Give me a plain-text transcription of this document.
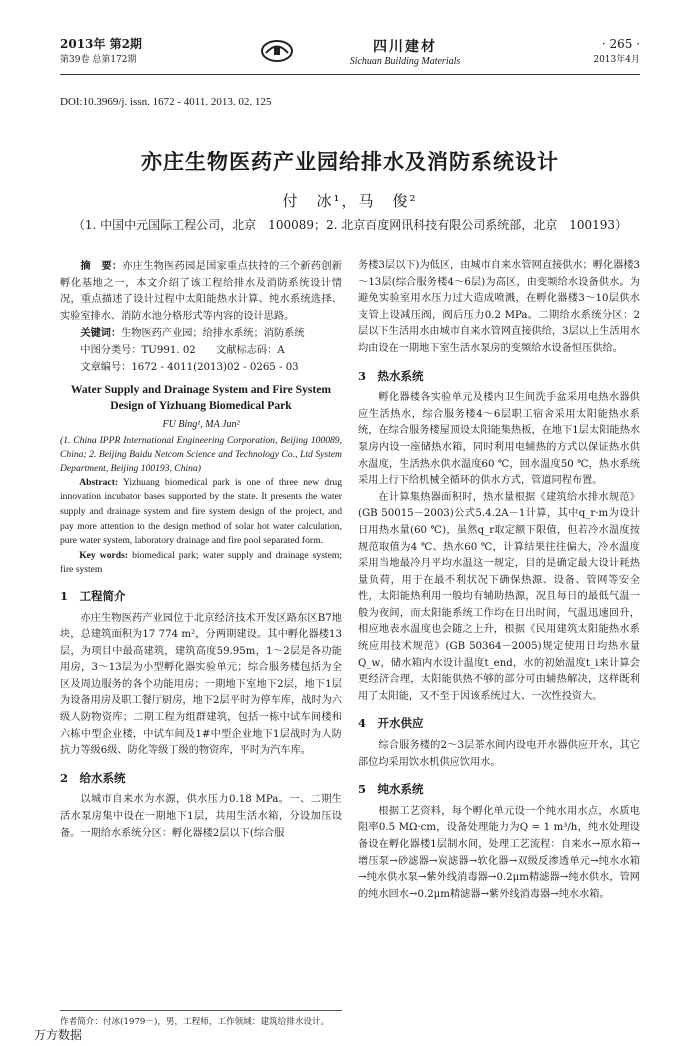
2013年 第2期
第39卷 总第172期
四川建材
Sichuan Building Materials
· 265 ·
2013年4月
DOI:10.3969/j. issn. 1672 - 4011. 2013. 02. 125
亦庄生物医药产业园给排水及消防系统设计
付　冰¹，马　俊²
（1. 中国中元国际工程公司，北京　100089；2. 北京百度网讯科技有限公司系统部，北京　100193）

摘　要：亦庄生物医药园是国家重点扶持的三个新药创新孵化基地之一，本文介绍了该工程给排水及消防系统设计情况，重点描述了设计过程中太阳能热水计算、纯水系统选择、实验室排水、消防水池分格形式等内容的设计思路。

关键词：生物医药产业园；给排水系统；消防系统

中图分类号：TU991. 02　　文献标志码：A

文章编号：1672 - 4011(2013)02 - 0265 - 03

Water Supply and Drainage System and Fire System Design of Yizhuang Biomedical Park
FU Bing¹, MA Jun²
(1. China IPPR International Engineering Corporation, Beijing 100089, China; 2. Beijing Baidu Netcom Science and Technology Co., Ltd System Department, Beijing 100193, China)

Abstract: Yizhuang biomedical park is one of three new drug innovation incubator bases supported by the state. It presents the water supply and drainage system and fire system design of the project, and pay more attention to the design method of solar hot water calculation, pure water system, laboratory drainage and fire pool separated form.

Key words: biomedical park; water supply and drainage system; fire system

1　工程简介

亦庄生物医药产业园位于北京经济技术开发区路东区B7地块，总建筑面积为17 774 m²，分两期建设。其中孵化器楼13层，为项目中最高建筑，建筑高度59.95m，1～2层是各功能用房，3～13层为小型孵化器实验单元；综合服务楼包括为全区及周边服务的各个功能用房；一期地下室地下2层，地下1层为设备用房及职工餐厅厨房，地下2层平时为停车库，战时为六级人防物资库；二期工程为组群建筑，包括一栋中试车间楼和六栋中型企业楼，中试车间及1#中型企业地下1层战时为人防抗力等级6级、防化等级丁级的物资库，平时为汽车库。

2　给水系统

以城市自来水为水源，供水压力0.18 MPa。一、二期生活水泵房集中设在一期地下1层，共用生活水箱，分设加压设备。一期给水系统分区：孵化器楼2层以下(综合服

务楼3层以下)为低区，由城市自来水管网直接供水；孵化器楼3～13层(综合服务楼4～6层)为高区，由变频给水设备供水。为避免实验室用水压力过大造成喷溅，在孵化器楼3～10层供水支管上设减压阀，阀后压力0.2 MPa。二期给水系统分区：2层以下生活用水由城市自来水管网直接供给，3层以上生活用水均由设在一期地下室生活水泵房的变频给水设备恒压供给。

3　热水系统

孵化器楼各实验单元及楼内卫生间洗手盆采用电热水器供应生活热水，综合服务楼4～6层职工宿舍采用太阳能热水系统，在综合服务楼屋顶设太阳能集热板，在地下1层太阳能热水泵房内设一座储热水箱，同时利用电辅热的方式以保证热水供水温度，生活热水供水温度60 ℃，回水温度50 ℃，热水系统采用上行下给机械全循环的供水方式，管道同程布置。

在计算集热器面积时，热水量根据《建筑给水排水规范》(GB 50015－2003)公式5.4.2A－1计算，其中q_r·m为设计日用热水量(60 ℃)，虽然q_r取定额下限值，但若冷水温度按规范取值为4 ℃、热水60 ℃，计算结果往往偏大，冷水温度采用当地最冷月平均水温这一规定，目的是确定最大设计耗热量负荷，用于在最不利状况下确保热源、设备、管网等安全性，太阳能热利用一般均有辅助热源，况且每日的最低气温一般为夜间，而太阳能系统工作均在日出时间，气温迅速回升，相应地表水温度也会随之上升，根据《民用建筑太阳能热水系统应用技术规范》(GB 50364－2005)规定使用日均热水量Q_w，储水箱内水设计温度t_end，水的初始温度t_i来计算会更经济合理，太阳能供热不够的部分可由辅热解决，这样既利用了太阳能，又不至于因该系统过大、一次性投资大。

4　开水供应

综合服务楼的2～3层茶水间内设电开水器供应开水，其它部位均采用饮水机供应饮用水。

5　纯水系统

根据工艺资料，每个孵化单元设一个纯水用水点，水质电阻率0.5 MΩ·cm，设备处理能力为Q = 1 m³/h，纯水处理设备设在孵化器楼1层制水间，处理工艺流程：自来水→原水箱→增压泵→砂滤器→炭滤器→软化器→双级反渗透单元→纯水水箱→纯水供水泵→紫外线消毒器→0.2μm精滤器→纯水供水，管网的纯水回水→0.2μm精滤器→紫外线消毒器→纯水水箱。

作者简介：付冰(1979－)，男，工程师，工作领域：建筑给排水设计。
万方数据
